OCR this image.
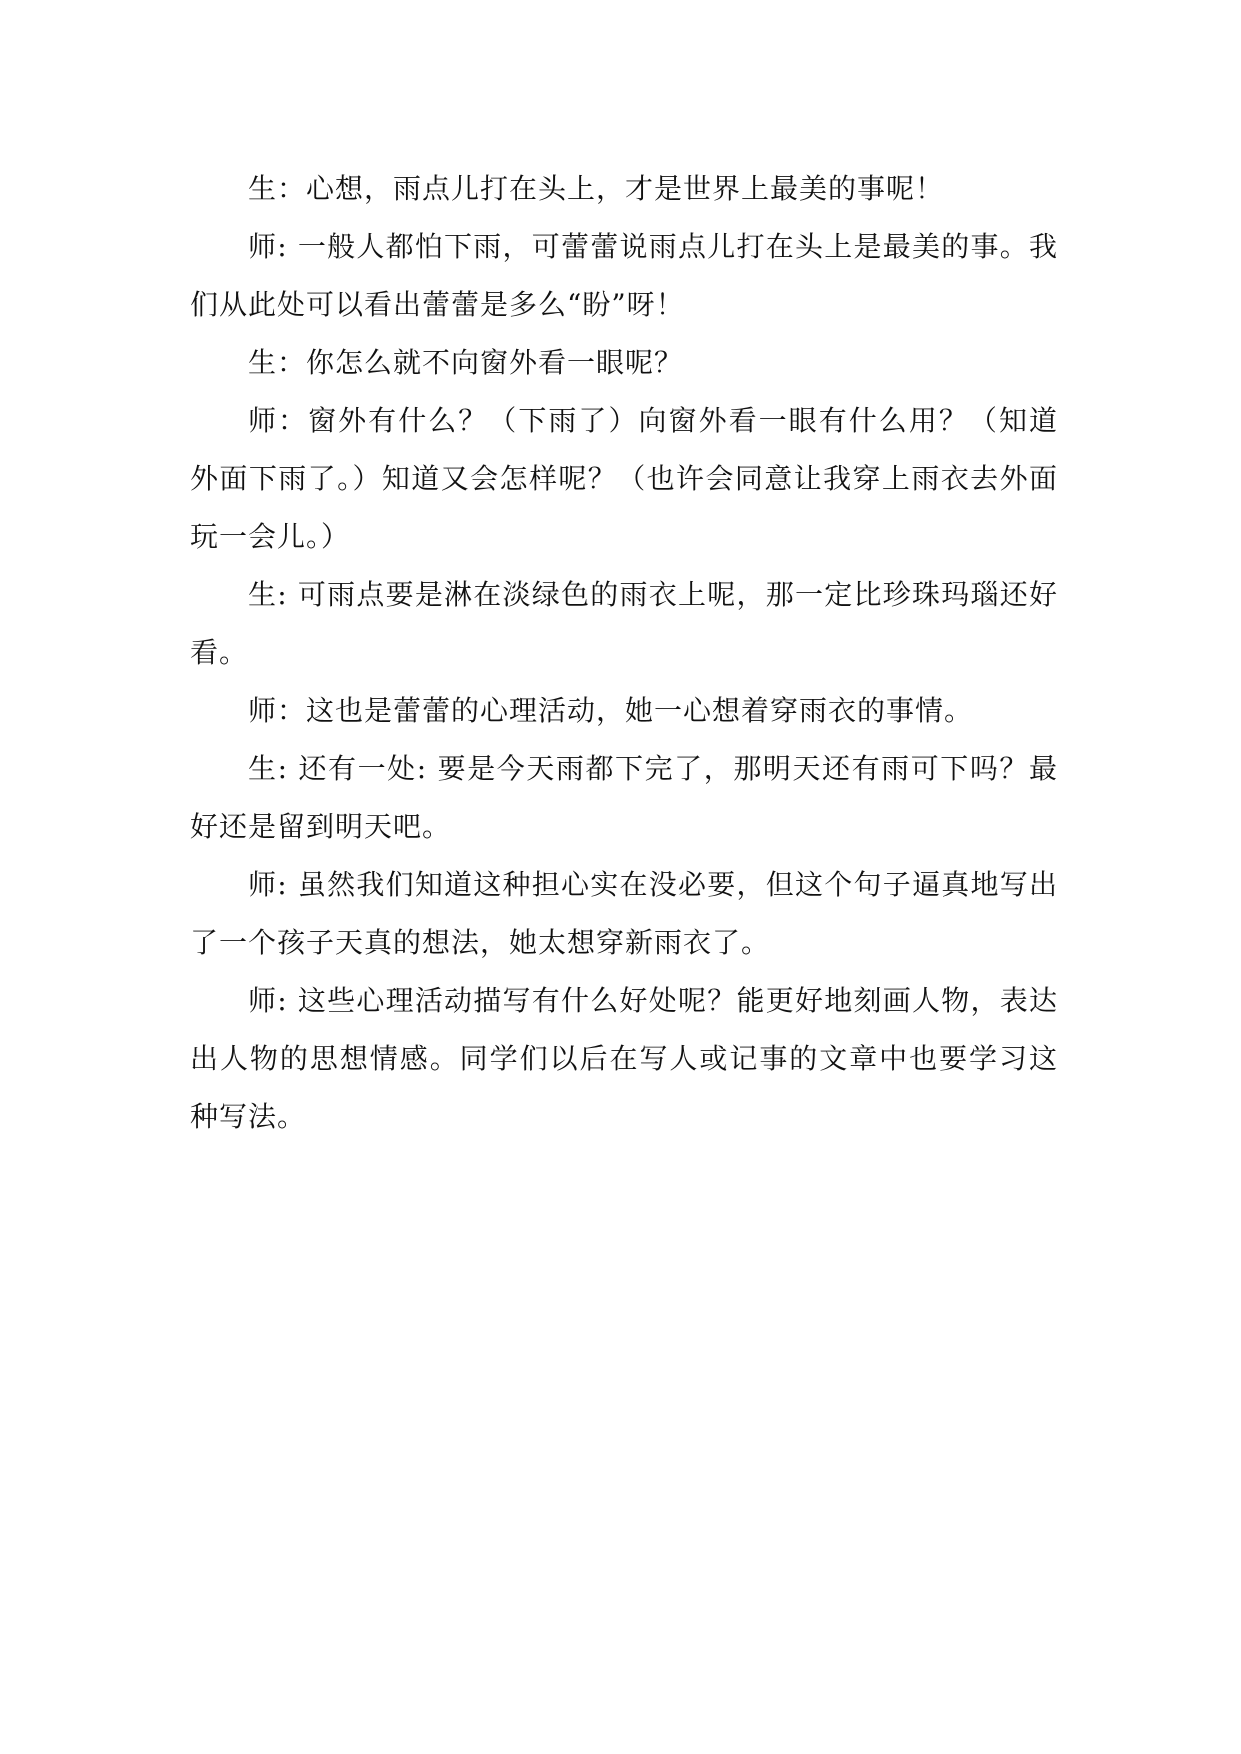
生：心想，雨点儿打在头上，才是世界上最美的事呢！

师: 一般人都怕下雨，可蕾蕾说雨点儿打在头上是最美的事。我们从此处可以看出蕾蕾是多么“盼”呀！

生：你怎么就不向窗外看一眼呢？

师：窗外有什么？（下雨了）向窗外看一眼有什么用？（知道外面下雨了。）知道又会怎样呢？（也许会同意让我穿上雨衣去外面玩一会儿。）

生: 可雨点要是淋在淡绿色的雨衣上呢，那一定比珍珠玛瑙还好看。

师：这也是蕾蕾的心理活动，她一心想着穿雨衣的事情。

生: 还有一处: 要是今天雨都下完了，那明天还有雨可下吗？最好还是留到明天吧。

师: 虽然我们知道这种担心实在没必要，但这个句子逼真地写出了一个孩子天真的想法，她太想穿新雨衣了。

师: 这些心理活动描写有什么好处呢？能更好地刻画人物，表达出人物的思想情感。同学们以后在写人或记事的文章中也要学习这种写法。
